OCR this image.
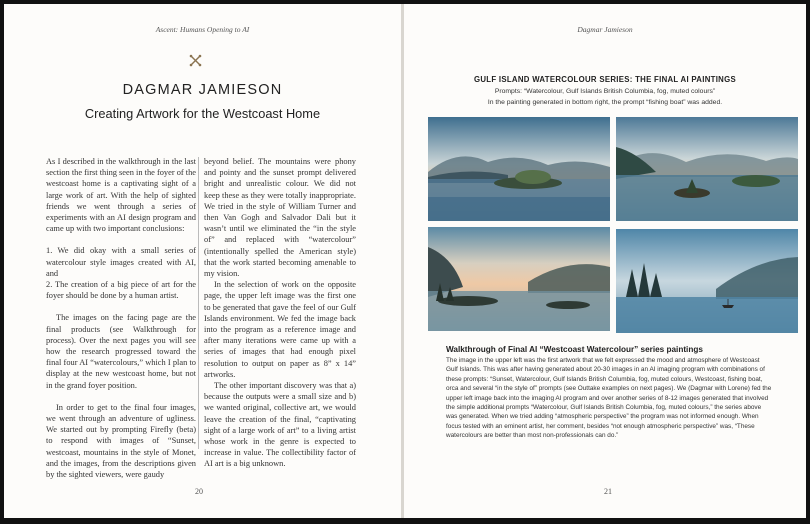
Ascent: Humans Opening to AI
DAGMAR JAMIESON
Creating Artwork for the Westcoast Home

As I described in the walkthrough in the last section the first thing seen in the foyer of the westcoast home is a captivating sight of a large work of art. With the help of sighted friends we went through a series of experiments with an AI design program and came up with two important conclusions:

1. We did okay with a small series of watercolour style images created with AI, and

2. The creation of a big piece of art for the foyer should be done by a human artist.

The images on the facing page are the final products (see Walkthrough for process). Over the next pages you will see how the research progressed toward the final four AI “watercolours,” which I plan to display at the new westcoast home, but not in the grand foyer position.

In order to get to the final four images, we went through an adventure of ugliness. We started out by prompting Firefly (beta) to respond with images of “Sunset, westcoast, mountains in the style of Monet, and the images, from the descriptions given by the sighted viewers, were gaudy

beyond belief. The mountains were phony and pointy and the sunset prompt delivered bright and unrealistic colour. We did not keep these as they were totally inappropriate. We tried in the style of William Turner and then Van Gogh and Salvador Dali but it wasn’t until we eliminated the “in the style of” and replaced with “watercolour” (intentionally spelled the American style) that the work started becoming amenable to my vision.

In the selection of work on the opposite page, the upper left image was the first one to be generated that gave the feel of our Gulf Islands environment. We fed the image back into the program as a reference image and after many iterations were came up with a series of images that had enough pixel resolution to output on paper as 8” x 14” artworks.

The other important discovery was that a) because the outputs were a small size and b) we wanted original, collective art, we would leave the creation of the final, “captivating sight of a large work of art” to a living artist whose work in the genre is expected to increase in value. The collectibility factor of AI art is a big unknown.

20
Dagmar Jamieson
GULF ISLAND WATERCOLOUR SERIES: THE FINAL AI PAINTINGS
Prompts: “Watercolour, Gulf Islands British Columbia, fog, muted colours”
In the painting generated in bottom right, the prompt “fishing boat” was added.
Walkthrough of Final AI “Westcoast Watercolour” series paintings
The image in the upper left was the first artwork that we felt expressed the mood and atmosphere of Westcoast Gulf Islands. This was after having generated about 20-30 images in an AI imaging program with combinations of these prompts: “Sunset, Watercolour, Gulf Islands British Columbia, fog, muted colours, Westcoast, fishing boat, orca and several “in the style of” prompts (see Outtake examples on next pages). We (Dagmar with Lorene) fed the upper left image back into the imaging AI program and over another series of 8-12 images generated that involved the simple additional prompts “Watercolour, Gulf Islands British Columbia, fog, muted colours,” the series above was generated. When we tried adding “atmospheric perspective” the program was not informed enough. When focus tested with an eminent artist, her comment, besides “not enough atmospheric perspective” was, “These watercolours are better than most non-professionals can do.”
21
